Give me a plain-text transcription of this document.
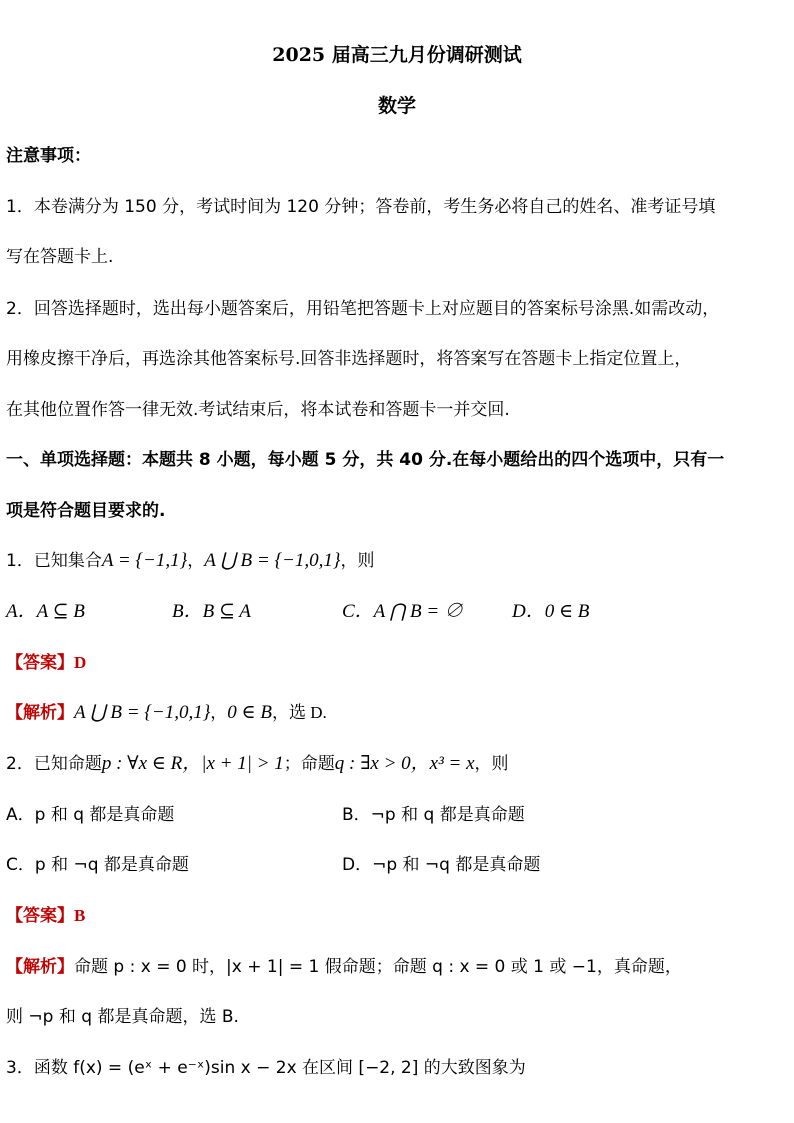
2025 届高三九月份调研测试
数学
注意事项：
1．本卷满分为 150 分，考试时间为 120 分钟；答卷前，考生务必将自己的姓名、准考证号填
写在答题卡上.
2．回答选择题时，选出每小题答案后，用铅笔把答题卡上对应题目的答案标号涂黑.如需改动，
用橡皮擦干净后，再选涂其他答案标号.回答非选择题时，将答案写在答题卡上指定位置上，
在其他位置作答一律无效.考试结束后，将本试卷和答题卡一并交回.
一、单项选择题：本题共 8 小题，每小题 5 分，共 40 分.在每小题给出的四个选项中，只有一
项是符合题目要求的.
1．已知集合A = {−1,1}，A ⋃ B = {−1,0,1}，则
A．A ⊆ B	B．B ⊆ A	C．A ⋂ B = ∅	D．0 ∈ B
【答案】D
【解析】A ⋃ B = {−1,0,1}，0 ∈ B，选 D.
2．已知命题p : ∀x ∈ R，|x + 1| > 1；命题q : ∃x > 0，x³ = x，则
A．p 和 q 都是真命题	B．¬p 和 q 都是真命题
C．p 和 ¬q 都是真命题	D．¬p 和 ¬q 都是真命题
【答案】B
【解析】命题 p : x = 0 时，|x + 1| = 1 假命题；命题 q : x = 0 或 1 或 −1，真命题，
则 ¬p 和 q 都是真命题，选 B.
3．函数 f(x) = (eˣ + e⁻ˣ)sin x − 2x 在区间 [−2, 2] 的大致图象为
